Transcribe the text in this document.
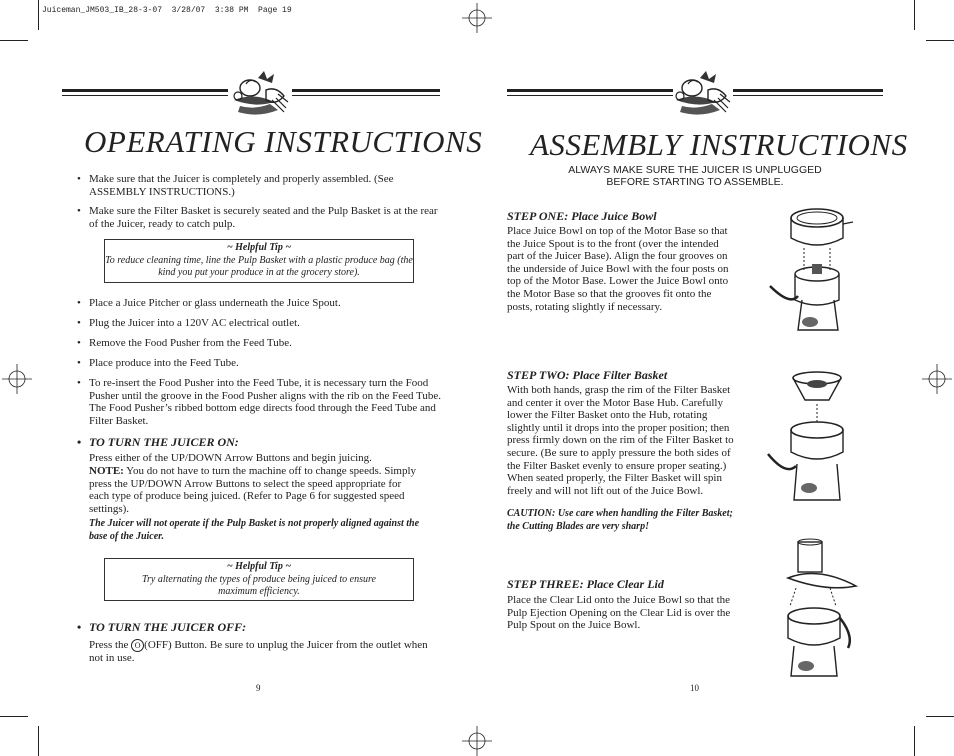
Juiceman_JM503_IB_28-3-07  3/28/07  3:38 PM  Page 19
OPERATING INSTRUCTIONS
• Make sure that the Juicer is completely and properly assembled. (See ASSEMBLY INSTRUCTIONS.)
• Make sure the Filter Basket is securely seated and the Pulp Basket is at the rear of the Juicer, ready to catch pulp.
~ Helpful Tip ~
To reduce cleaning time, line the Pulp Basket with a plastic produce bag (the kind you put your produce in at the grocery store).
• Place a Juice Pitcher or glass underneath the Juice Spout.
• Plug the Juicer into a 120V AC electrical outlet.
• Remove the Food Pusher from the Feed Tube.
• Place produce into the Feed Tube.
• To re-insert the Food Pusher into the Feed Tube, it is necessary turn the Food Pusher until the groove in the Food Pusher aligns with the rib on the Feed Tube. The Food Pusher’s ribbed bottom edge directs food through the Feed Tube and Filter Basket.
• TO TURN THE JUICER ON:
Press either of the UP/DOWN Arrow Buttons and begin juicing.
NOTE: You do not have to turn the machine off to change speeds. Simply press the UP/DOWN Arrow Buttons to select the speed appropriate for each type of produce being juiced. (Refer to Page 6 for suggested speed settings).
The Juicer will not operate if the Pulp Basket is not properly aligned against the base of the Juicer.
~ Helpful Tip ~
Try alternating the types of produce being juiced to ensure maximum efficiency.
• TO TURN THE JUICER OFF:
Press the O (OFF) Button. Be sure to unplug the Juicer from the outlet when not in use.
9
ASSEMBLY INSTRUCTIONS
ALWAYS MAKE SURE THE JUICER IS UNPLUGGED
BEFORE STARTING TO ASSEMBLE.
STEP ONE: Place Juice Bowl
Place Juice Bowl on top of the Motor Base so that the Juice Spout is to the front (over the intended part of the Juicer Base). Align the four grooves on the underside of Juice Bowl with the four posts on top of the Motor Base. Lower the Juice Bowl onto the Motor Base so that the grooves fit onto the posts, rotating slightly if necessary.
STEP TWO: Place Filter Basket
With both hands, grasp the rim of the Filter Basket and center it over the Motor Base Hub. Carefully lower the Filter Basket onto the Hub, rotating slightly until it drops into the proper position; then press firmly down on the rim of the Filter Basket to secure. (Be sure to apply pressure the both sides of the Filter Basket evenly to ensure proper seating.) When seated properly, the Filter Basket will spin freely and will not lift out of the Juice Bowl.
CAUTION: Use care when handling the Filter Basket; the Cutting Blades are very sharp!
STEP THREE: Place Clear Lid
Place the Clear Lid onto the Juice Bowl so that the Pulp Ejection Opening on the Clear Lid is over the Pulp Spout on the Juice Bowl.
10
